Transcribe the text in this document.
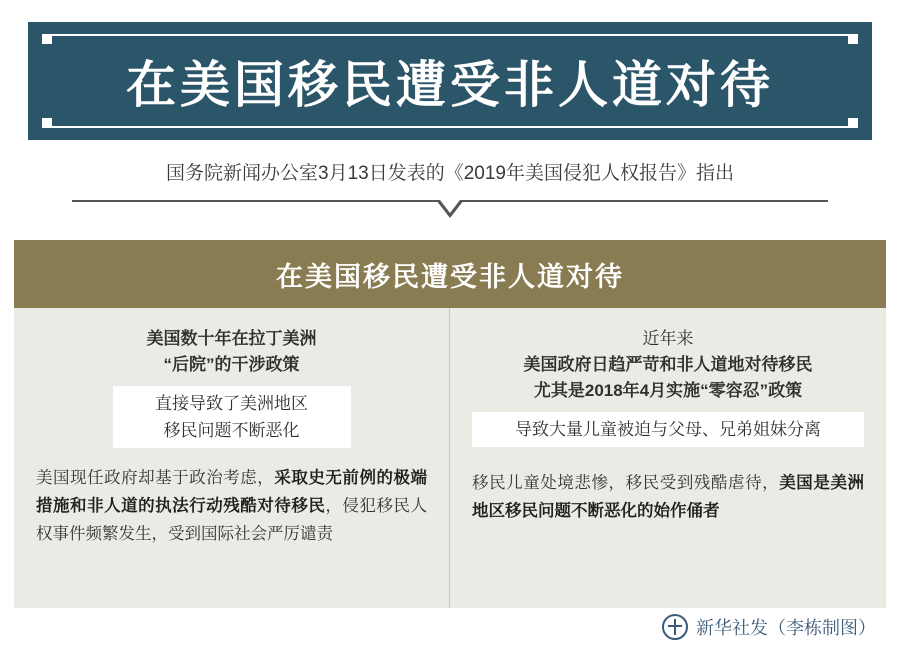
在美国移民遭受非人道对待
国务院新闻办公室3月13日发表的《2019年美国侵犯人权报告》指出
在美国移民遭受非人道对待
美国数十年在拉丁美洲
“后院”的干涉政策
直接导致了美洲地区
移民问题不断恶化
美国现任政府却基于政治考虑，采取史无前例的极端措施和非人道的执法行动残酷对待移民，侵犯移民人权事件频繁发生，受到国际社会严厉谴责
近年来
美国政府日趋严苛和非人道地对待移民
尤其是2018年4月实施“零容忍”政策
导致大量儿童被迫与父母、兄弟姐妹分离
移民儿童处境悲惨，移民受到残酷虐待，美国是美洲地区移民问题不断恶化的始作俑者
新华社发（李栋制图）
